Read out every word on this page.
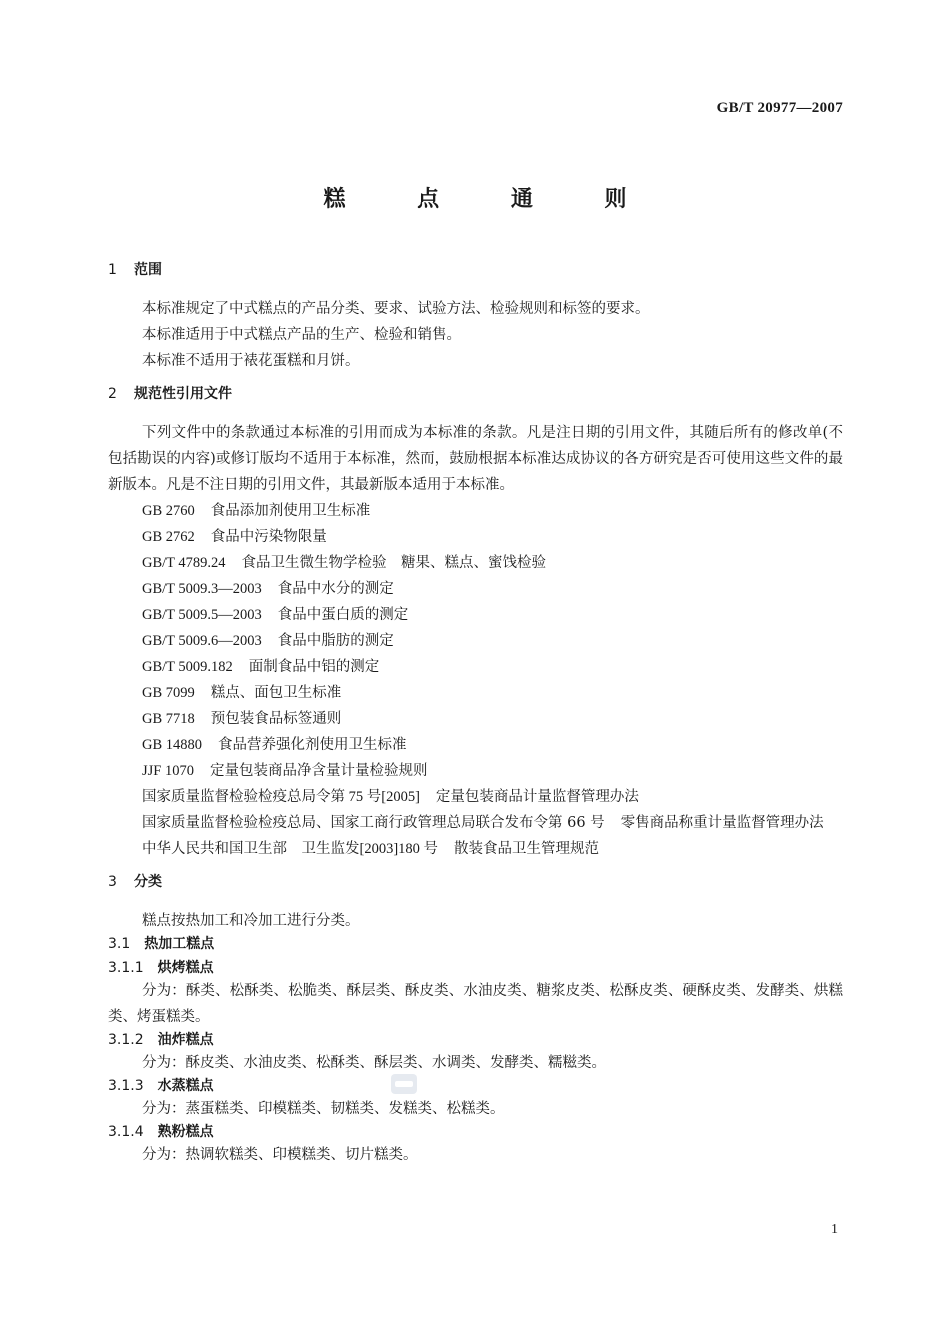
GB/T 20977—2007
糕 点 通 则
1 范围
本标准规定了中式糕点的产品分类、要求、试验方法、检验规则和标签的要求。
本标准适用于中式糕点产品的生产、检验和销售。
本标准不适用于裱花蛋糕和月饼。
2 规范性引用文件
下列文件中的条款通过本标准的引用而成为本标准的条款。凡是注日期的引用文件，其随后所有的修改单(不包括勘误的内容)或修订版均不适用于本标准，然而，鼓励根据本标准达成协议的各方研究是否可使用这些文件的最新版本。凡是不注日期的引用文件，其最新版本适用于本标准。
GB 2760 食品添加剂使用卫生标准
GB 2762 食品中污染物限量
GB/T 4789.24 食品卫生微生物学检验　糖果、糕点、蜜饯检验
GB/T 5009.3—2003 食品中水分的测定
GB/T 5009.5—2003 食品中蛋白质的测定
GB/T 5009.6—2003 食品中脂肪的测定
GB/T 5009.182 面制食品中铝的测定
GB 7099 糕点、面包卫生标准
GB 7718 预包装食品标签通则
GB 14880 食品营养强化剂使用卫生标准
JJF 1070 定量包装商品净含量计量检验规则
国家质量监督检验检疫总局令第 75 号[2005] 定量包装商品计量监督管理办法
国家质量监督检验检疫总局、国家工商行政管理总局联合发布令第 66 号 零售商品称重计量监督管理办法
中华人民共和国卫生部　卫生监发[2003]180 号 散装食品卫生管理规范
3 分类
糕点按热加工和冷加工进行分类。
3.1 热加工糕点
3.1.1 烘烤糕点
分为：酥类、松酥类、松脆类、酥层类、酥皮类、水油皮类、糖浆皮类、松酥皮类、硬酥皮类、发酵类、烘糕类、烤蛋糕类。
3.1.2 油炸糕点
分为：酥皮类、水油皮类、松酥类、酥层类、水调类、发酵类、糯糍类。
3.1.3 水蒸糕点
分为：蒸蛋糕类、印模糕类、韧糕类、发糕类、松糕类。
3.1.4 熟粉糕点
分为：热调软糕类、印模糕类、切片糕类。
1
